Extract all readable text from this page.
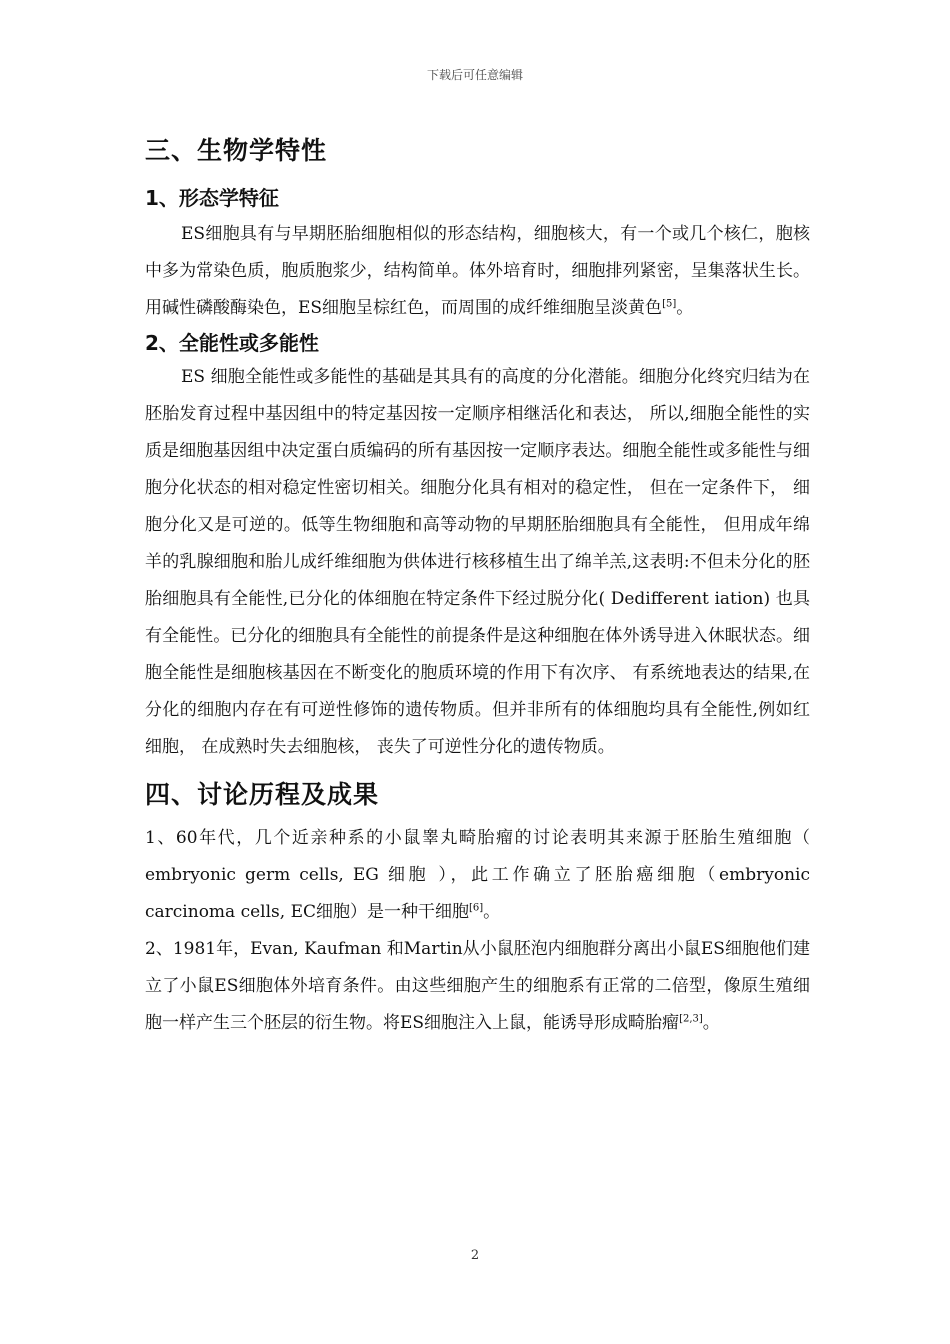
下载后可任意编辑
三、生物学特性
1、形态学特征

ES细胞具有与早期胚胎细胞相似的形态结构，细胞核大，有一个或几个核仁，胞核中多为常染色质，胞质胞浆少，结构简单。体外培育时，细胞排列紧密，呈集落状生长。用碱性磷酸酶染色，ES细胞呈棕红色，而周围的成纤维细胞呈淡黄色[5]。

2、全能性或多能性

ES 细胞全能性或多能性的基础是其具有的高度的分化潜能。细胞分化终究归结为在胚胎发育过程中基因组中的特定基因按一定顺序相继活化和表达， 所以,细胞全能性的实质是细胞基因组中决定蛋白质编码的所有基因按一定顺序表达。细胞全能性或多能性与细胞分化状态的相对稳定性密切相关。细胞分化具有相对的稳定性， 但在一定条件下， 细胞分化又是可逆的。低等生物细胞和高等动物的早期胚胎细胞具有全能性， 但用成年绵羊的乳腺细胞和胎儿成纤维细胞为供体进行核移植生出了绵羊羔,这表明:不但未分化的胚胎细胞具有全能性,已分化的体细胞在特定条件下经过脱分化( Dedifferent iation) 也具有全能性。已分化的细胞具有全能性的前提条件是这种细胞在体外诱导进入休眠状态。细胞全能性是细胞核基因在不断变化的胞质环境的作用下有次序、 有系统地表达的结果,在分化的细胞内存在有可逆性修饰的遗传物质。但并非所有的体细胞均具有全能性,例如红细胞， 在成熟时失去细胞核， 丧失了可逆性分化的遗传物质。

四、讨论历程及成果

1、60年代，几个近亲种系的小鼠睾丸畸胎瘤的讨论表明其来源于胚胎生殖细胞（ embryonic germ cells, EG 细胞 ），此工作确立了胚胎癌细胞（embryonic carcinoma cells, EC细胞）是一种干细胞[6]。

2、1981年，Evan, Kaufman 和Martin从小鼠胚泡内细胞群分离出小鼠ES细胞他们建立了小鼠ES细胞体外培育条件。由这些细胞产生的细胞系有正常的二倍型，像原生殖细胞一样产生三个胚层的衍生物。将ES细胞注入上鼠，能诱导形成畸胎瘤[2,3]。

2
